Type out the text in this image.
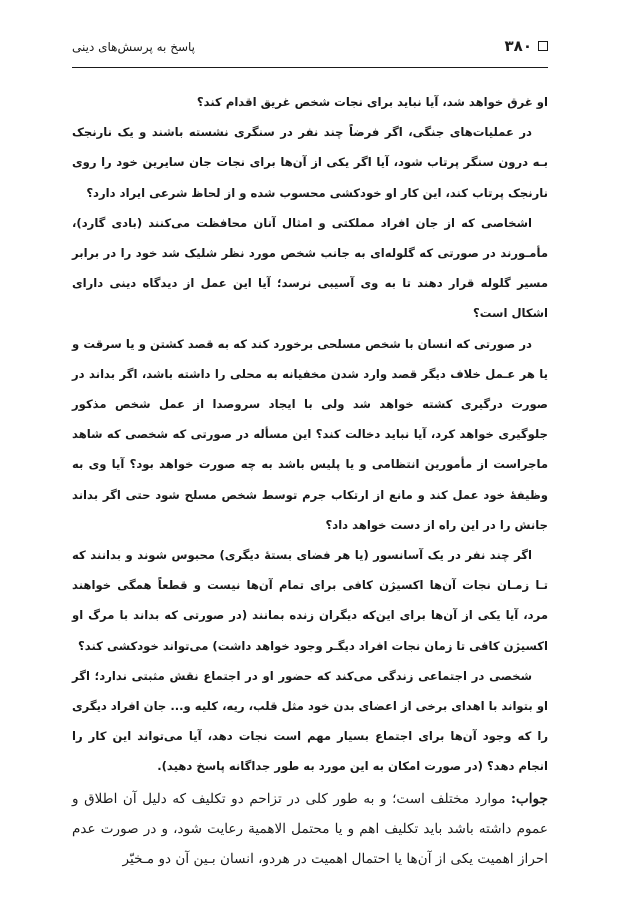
۳۸۰
پاسخ به پرسش‌های دینی

او غرق خواهد شد، آیا نباید برای نجات شخص غریق اقدام کند؟

در عملیات‌های جنگی، اگر فرضاً چند نفر در سنگری نشسته باشند و یک نارنجک بـه درون سنگر پرتاب شود، آیا اگر یکی از آن‌ها برای نجات جان سایرین خود را روی نارنجک پرتاب کند، این کار او خودکشی محسوب شده و از لحاظ شرعی ایراد دارد؟

اشخاصی که از جان افراد مملکتی و امثال آنان محافظت می‌کنند (بادی گارد)، مأمـورند در صورتی که گلوله‌ای به جانب شخص مورد نظر شلیک شد خود را در برابر مسیر گلوله قرار دهند تا به وی آسیبی نرسد؛ آیا این عمل از دیدگاه دینی دارای اشکال است؟

در صورتی که انسان با شخص مسلحی برخورد کند که به قصد کشتن و یا سرقت و یا هر عـمل خلاف دیگر قصد وارد شدن مخفیانه به محلی را داشته باشد، اگر بداند در صورت درگیری کشته خواهد شد ولی با ایجاد سروصدا از عمل شخص مذکور جلوگیری خواهد کرد، آیا نباید دخالت کند؟ این مسأله در صورتی که شخصی که شاهد ماجراست از مأمورین انتظامی و یا پلیس باشد به چه صورت خواهد بود؟ آیا وی به وظیفهٔ خود عمل کند و مانع از ارتکاب جرم توسط شخص مسلح شود حتی اگر بداند جانش را در این راه از دست خواهد داد؟

اگر چند نفر در یک آسانسور (یا هر فضای بستهٔ دیگری) محبوس شوند و بدانند که تـا زمـان نجات آن‌ها اکسیژن کافی برای تمام آن‌ها نیست و قطعاً همگی خواهند مرد، آیا یکی از آن‌ها برای این‌که دیگران زنده بمانند (در صورتی که بداند با مرگ او اکسیژن کافی تا زمان نجات افراد دیگـر وجود خواهد داشت) می‌تواند خودکشی کند؟

شخصی در اجتماعی زندگی می‌کند که حضور او در اجتماع نقش مثبتی ندارد؛ اگر او بتواند با اهدای برخی از اعضای بدن خود مثل قلب، ریه، کلیه و... جان افراد دیگری را که وجود آن‌ها برای اجتماع بسیار مهم است نجات دهد، آیا می‌تواند این کار را انجام دهد؟ (در صورت امکان به این مورد به طور جداگانه پاسخ دهید).

جواب: موارد مختلف است؛ و به طور کلی در تزاحم دو تکلیف که دلیل آن اطلاق و عموم داشته باشد باید تکلیف اهم و یا محتمل الاهمیة رعایت شود، و در صورت عدم احراز اهمیت یکی از آن‌ها یا احتمال اهمیت در هردو، انسان بـین آن دو مـخیّر
